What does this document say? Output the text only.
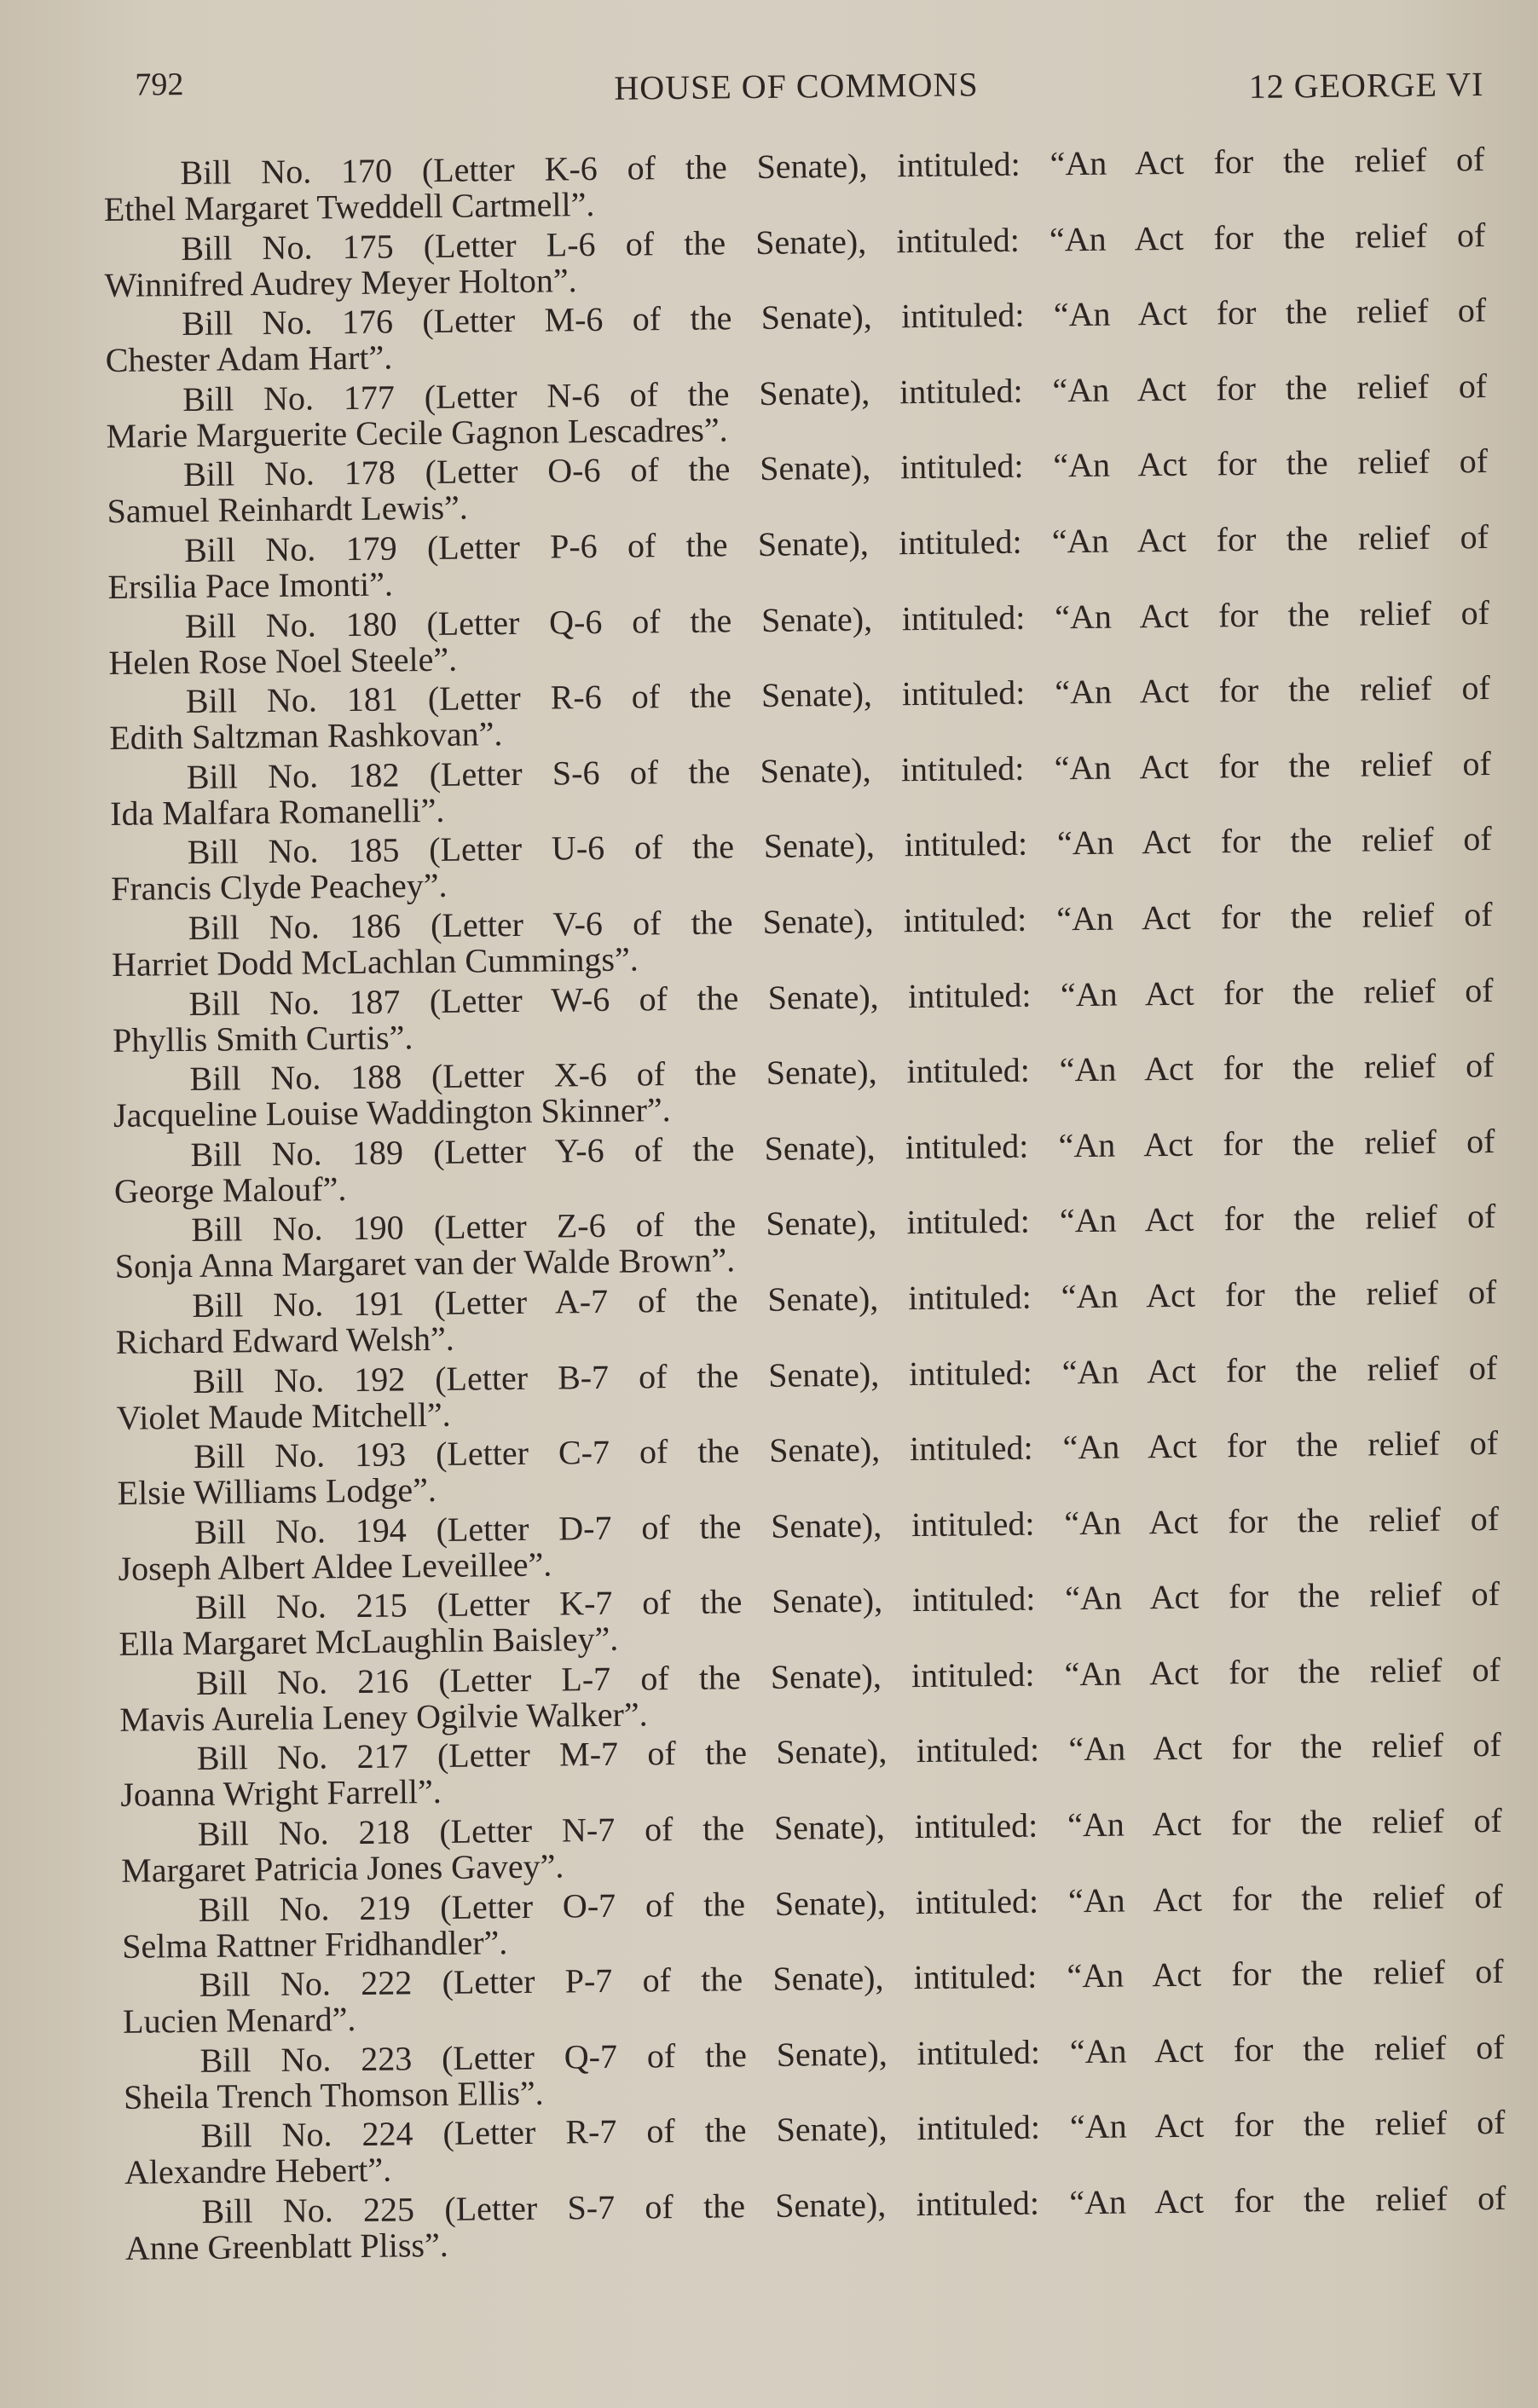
792	HOUSE OF COMMONS	12 GEORGE VI
Bill No. 170 (Letter K-6 of the Senate), intituled: “An Act for the relief of
Ethel Margaret Tweddell Cartmell”.
Bill No. 175 (Letter L-6 of the Senate), intituled: “An Act for the relief of
Winnifred Audrey Meyer Holton”.
Bill No. 176 (Letter M-6 of the Senate), intituled: “An Act for the relief of
Chester Adam Hart”.
Bill No. 177 (Letter N-6 of the Senate), intituled: “An Act for the relief of
Marie Marguerite Cecile Gagnon Lescadres”.
Bill No. 178 (Letter O-6 of the Senate), intituled: “An Act for the relief of
Samuel Reinhardt Lewis”.
Bill No. 179 (Letter P-6 of the Senate), intituled: “An Act for the relief of
Ersilia Pace Imonti”.
Bill No. 180 (Letter Q-6 of the Senate), intituled: “An Act for the relief of
Helen Rose Noel Steele”.
Bill No. 181 (Letter R-6 of the Senate), intituled: “An Act for the relief of
Edith Saltzman Rashkovan”.
Bill No. 182 (Letter S-6 of the Senate), intituled: “An Act for the relief of
Ida Malfara Romanelli”.
Bill No. 185 (Letter U-6 of the Senate), intituled: “An Act for the relief of
Francis Clyde Peachey”.
Bill No. 186 (Letter V-6 of the Senate), intituled: “An Act for the relief of
Harriet Dodd McLachlan Cummings”.
Bill No. 187 (Letter W-6 of the Senate), intituled: “An Act for the relief of
Phyllis Smith Curtis”.
Bill No. 188 (Letter X-6 of the Senate), intituled: “An Act for the relief of
Jacqueline Louise Waddington Skinner”.
Bill No. 189 (Letter Y-6 of the Senate), intituled: “An Act for the relief of
George Malouf”.
Bill No. 190 (Letter Z-6 of the Senate), intituled: “An Act for the relief of
Sonja Anna Margaret van der Walde Brown”.
Bill No. 191 (Letter A-7 of the Senate), intituled: “An Act for the relief of
Richard Edward Welsh”.
Bill No. 192 (Letter B-7 of the Senate), intituled: “An Act for the relief of
Violet Maude Mitchell”.
Bill No. 193 (Letter C-7 of the Senate), intituled: “An Act for the relief of
Elsie Williams Lodge”.
Bill No. 194 (Letter D-7 of the Senate), intituled: “An Act for the relief of
Joseph Albert Aldee Leveillee”.
Bill No. 215 (Letter K-7 of the Senate), intituled: “An Act for the relief of
Ella Margaret McLaughlin Baisley”.
Bill No. 216 (Letter L-7 of the Senate), intituled: “An Act for the relief of
Mavis Aurelia Leney Ogilvie Walker”.
Bill No. 217 (Letter M-7 of the Senate), intituled: “An Act for the relief of
Joanna Wright Farrell”.
Bill No. 218 (Letter N-7 of the Senate), intituled: “An Act for the relief of
Margaret Patricia Jones Gavey”.
Bill No. 219 (Letter O-7 of the Senate), intituled: “An Act for the relief of
Selma Rattner Fridhandler”.
Bill No. 222 (Letter P-7 of the Senate), intituled: “An Act for the relief of
Lucien Menard”.
Bill No. 223 (Letter Q-7 of the Senate), intituled: “An Act for the relief of
Sheila Trench Thomson Ellis”.
Bill No. 224 (Letter R-7 of the Senate), intituled: “An Act for the relief of
Alexandre Hebert”.
Bill No. 225 (Letter S-7 of the Senate), intituled: “An Act for the relief of
Anne Greenblatt Pliss”.
